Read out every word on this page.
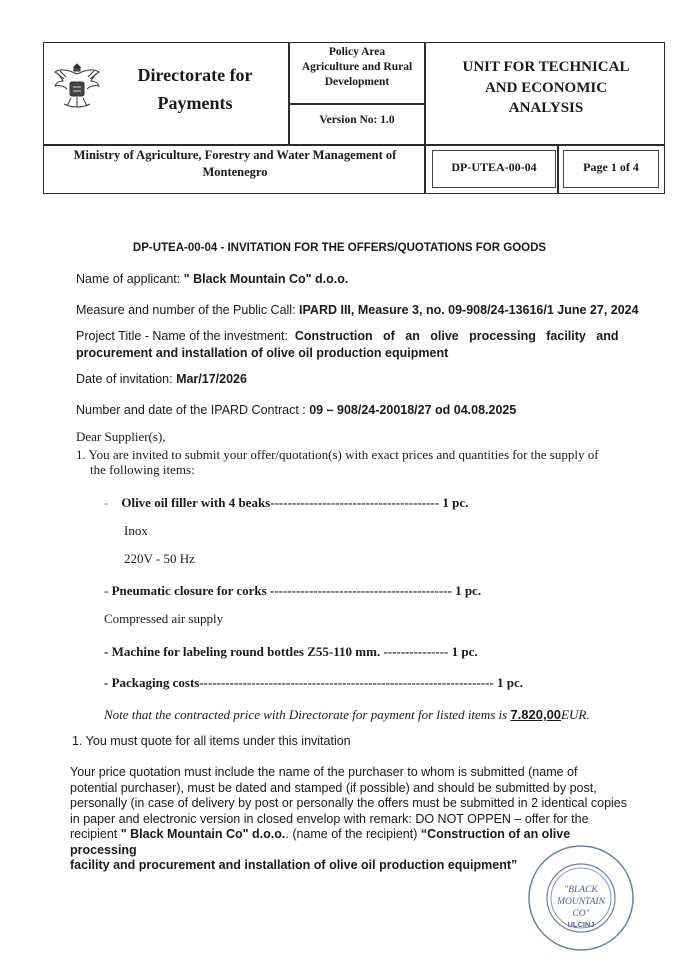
Directorate for
Payments
Policy Area
Agriculture and Rural
Development
Version No: 1.0
UNIT FOR TECHNICAL
AND ECONOMIC
ANALYSIS
Ministry of Agriculture, Forestry and Water Management of
Montenegro	DP-UTEA-00-04	Page 1 of 4
DP-UTEA-00-04 - INVITATION FOR THE OFFERS/QUOTATIONS FOR GOODS
Name of applicant: " Black Mountain Co" d.o.o.
Measure and number of the Public Call: IPARD III, Measure 3, no. 09-908/24-13616/1 June 27, 2024
Project Title - Name of the investment: Construction   of   an   olive   processing   facility   and
procurement and installation of olive oil production equipment
Date of invitation: Mar/17/2026
Number and date of the IPARD Contract : 09 – 908/24-20018/27 od 04.08.2025
Dear Supplier(s),
1. You are invited to submit your offer/quotation(s) with exact prices and quantities for the supply of
the following items:
- Olive oil filler with 4 beaks--------------------------------------- 1 pc.
Inox
220V - 50 Hz
- Pneumatic closure for corks ------------------------------------------ 1 pc.
Compressed air supply
- Machine for labeling round bottles Ζ55-110 mm. --------------- 1 pc.
- Packaging costs-------------------------------------------------------------------- 1 pc.
Note that the contracted price with Directorate for payment for listed items is 7.820,00EUR.
1. You must quote for all items under this invitation
Your price quotation must include the name of the purchaser to whom is submitted (name of
potential purchaser), must be dated and stamped (if possible) and should be submitted by post,
personally (in case of delivery by post or personally the offers must be submitted in 2 identical copies
in paper and electronic version in closed envelop with remark: DO NOT OPPEN – offer for the
recipient " Black Mountain Co" d.o.o.. (name of the recipient) “Construction of an olive processing
facility and procurement and installation of olive oil production equipment”
"BLACK
MOUNTAIN CO"
ULCINJ
